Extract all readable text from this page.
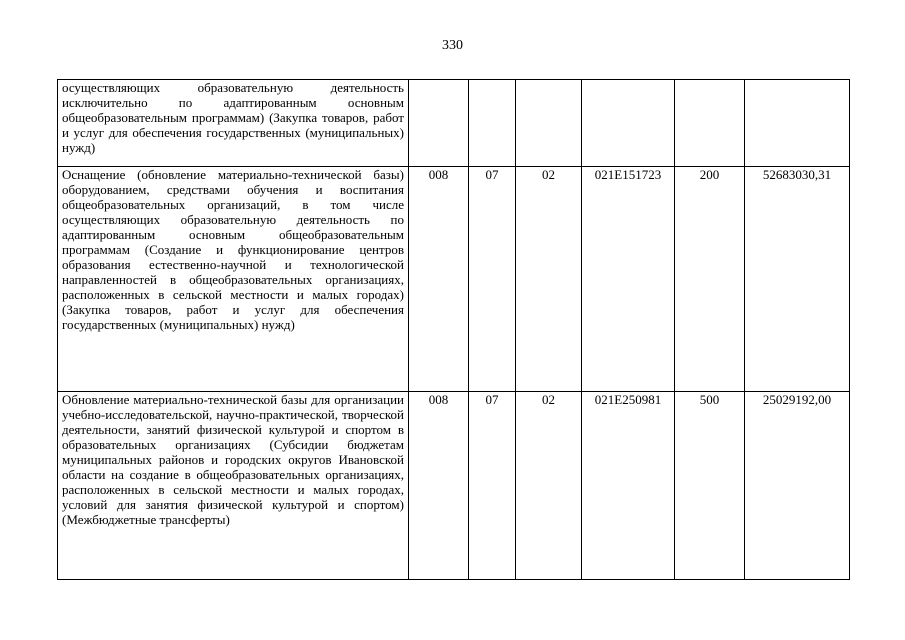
330
осуществляющих образовательную деятельность исключительно по адаптированным основным общеобразовательным программам) (Закупка товаров, работ и услуг для обеспечения государственных (муниципальных) нужд)						
Оснащение (обновление материально-технической базы) оборудованием, средствами обучения и воспитания общеобразовательных организаций, в том числе осуществляющих образовательную деятельность по адаптированным основным общеобразовательным программам (Создание и функционирование центров образования естественно-научной и технологической направленностей в общеобразовательных организациях, расположенных в сельской местности и малых городах) (Закупка товаров, работ и услуг для обеспечения государственных (муниципальных) нужд)	008	07	02	021E151723	200	52683030,31
Обновление материально-технической базы для организации учебно-исследовательской, научно-практической, творческой деятельности, занятий физической культурой и спортом в образовательных организациях (Субсидии бюджетам муниципальных районов и городских округов Ивановской области на создание в общеобразовательных организациях, расположенных в сельской местности и малых городах, условий для занятия физической культурой и спортом) (Межбюджетные трансферты)	008	07	02	021E250981	500	25029192,00
